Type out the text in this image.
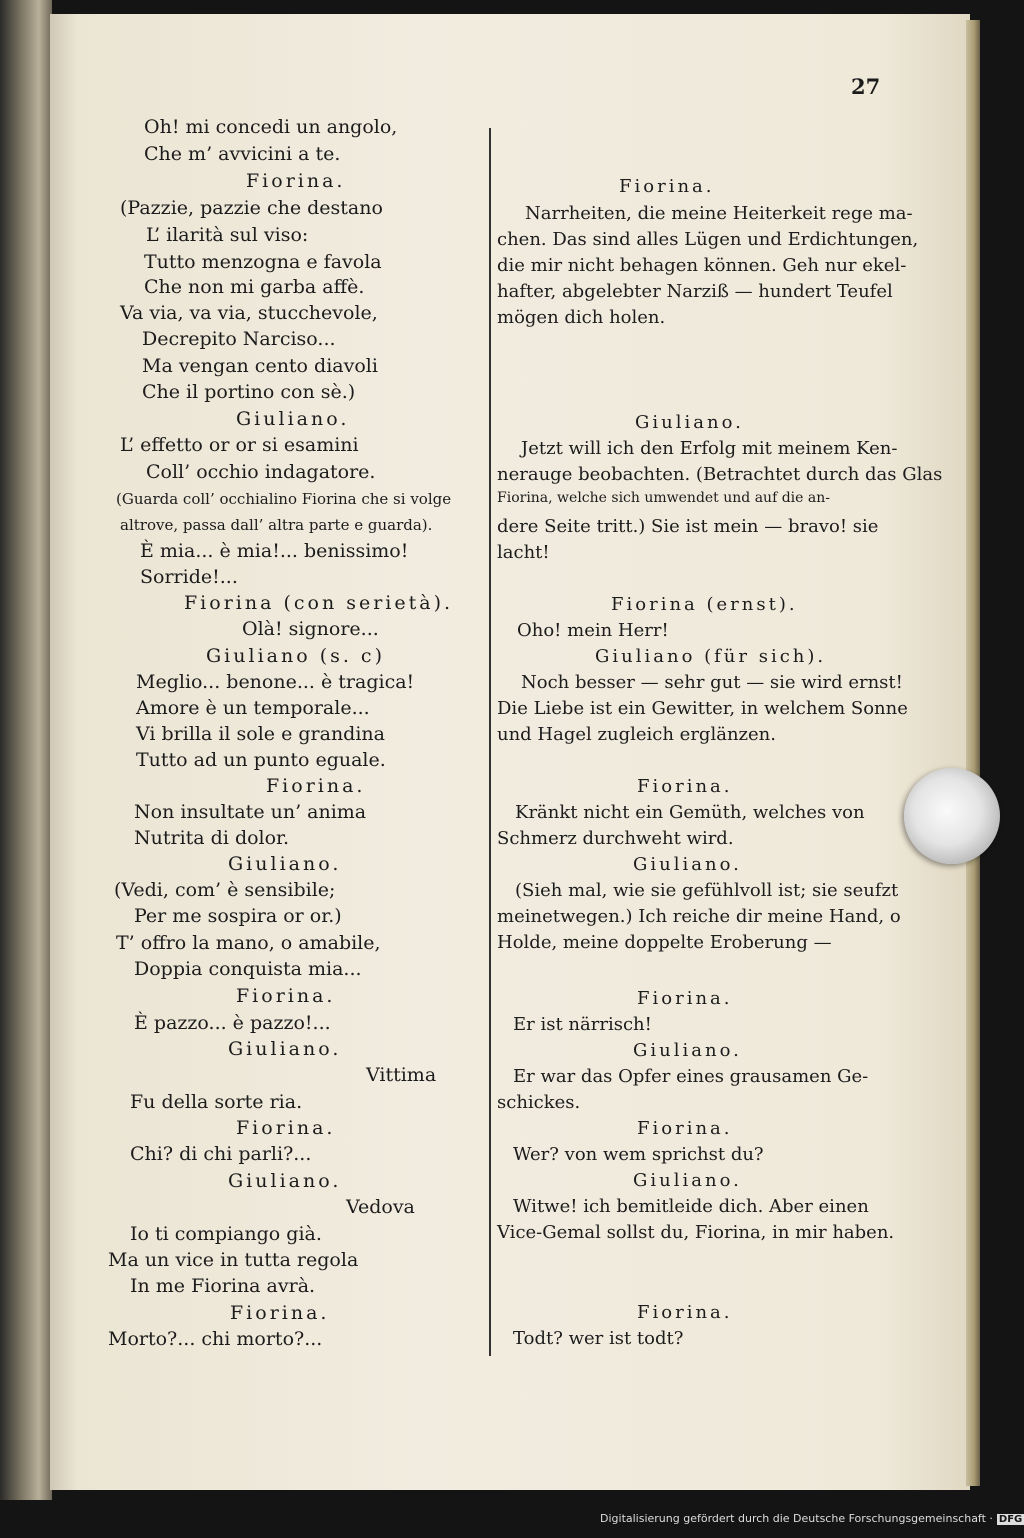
27
Oh! mi concedi un angolo,
Che m’ avvicini a te.
Fiorina.
(Pazzie, pazzie che destano
L’ ilarità sul viso:
Tutto menzogna e favola
Che non mi garba affè.
Va via, va via, stucchevole,
Decrepito Narciso...
Ma vengan cento diavoli
Che il portino con sè.)
Giuliano.
L’ effetto or or si esamini
Coll’ occhio indagatore.
(Guarda coll’ occhialino Fiorina che si volge
altrove, passa dall’ altra parte e guarda).
È mia... è mia!... benissimo!
Sorride!...
Fiorina (con serietà).
Olà! signore...
Giuliano (s. c)
Meglio... benone... è tragica!
Amore è un temporale...
Vi brilla il sole e grandina
Tutto ad un punto eguale.
Fiorina.
Non insultate un’ anima
Nutrita di dolor.
Giuliano.
(Vedi, com’ è sensibile;
Per me sospira or or.)
T’ offro la mano, o amabile,
Doppia conquista mia...
Fiorina.
È pazzo... è pazzo!...
Giuliano.
Vittima
Fu della sorte ria.
Fiorina.
Chi? di chi parli?...
Giuliano.
Vedova
Io ti compiango già.
Ma un vice in tutta regola
In me Fiorina avrà.
Fiorina.
Morto?... chi morto?...
Fiorina.
Narrheiten, die meine Heiterkeit rege ma-
chen. Das sind alles Lügen und Erdichtungen,
die mir nicht behagen können. Geh nur ekel-
hafter, abgelebter Narziß — hundert Teufel
mögen dich holen.
Giuliano.
Jetzt will ich den Erfolg mit meinem Ken-
nerauge beobachten. (Betrachtet durch das Glas
Fiorina, welche sich umwendet und auf die an-
dere Seite tritt.) Sie ist mein — bravo! sie
lacht!
Fiorina (ernst).
Oho! mein Herr!
Giuliano (für sich).
Noch besser — sehr gut — sie wird ernst!
Die Liebe ist ein Gewitter, in welchem Sonne
und Hagel zugleich erglänzen.
Fiorina.
Kränkt nicht ein Gemüth, welches von
Schmerz durchweht wird.
Giuliano.
(Sieh mal, wie sie gefühlvoll ist; sie seufzt
meinetwegen.) Ich reiche dir meine Hand, o
Holde, meine doppelte Eroberung —
Fiorina.
Er ist närrisch!
Giuliano.
Er war das Opfer eines grausamen Ge-
schickes.
Fiorina.
Wer? von wem sprichst du?
Giuliano.
Witwe! ich bemitleide dich. Aber einen
Vice-Gemal sollst du, Fiorina, in mir haben.
Fiorina.
Todt? wer ist todt?
Digitalisierung gefördert durch die Deutsche Forschungsgemeinschaft · DFG
